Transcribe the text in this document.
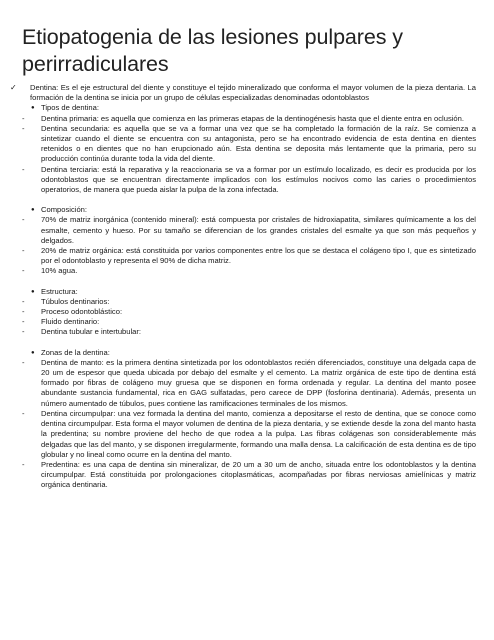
Etiopatogenia de las lesiones pulpares y perirradiculares
✓	Dentina: Es el eje estructural del diente y constituye el tejido mineralizado que conforma el mayor volumen de la pieza dentaria. La formación de la dentina se inicia por un grupo de células especializadas denominadas odontoblastos
● Tipos de dentina:
-	Dentina primaria: es aquella que comienza en las primeras etapas de la dentinogénesis hasta que el diente entra en oclusión.
-	Dentina secundaria: es aquella que se va a formar una vez que se ha completado la formación de la raíz. Se comienza a sintetizar cuando el diente se encuentra con su antagonista, pero se ha encontrado evidencia de esta dentina en dientes retenidos o en dientes que no han erupcionado aún. Esta dentina se deposita más lentamente que la primaria, pero su producción continúa durante toda la vida del diente.
-	Dentina terciaria: está la reparativa y la reaccionaria se va a formar por un estímulo localizado, es decir es producida por los odontoblastos que se encuentran directamente implicados con los estímulos nocivos como las caries o procedimientos operatorios, de manera que pueda aislar la pulpa de la zona infectada.
● Composición:
-	70% de matriz inorgánica (contenido mineral): está compuesta por cristales de hidroxiapatita, similares químicamente a los del esmalte, cemento y hueso. Por su tamaño se diferencian de los grandes cristales del esmalte ya que son más pequeños y delgados.
-	20% de matriz orgánica: está constituida por varios componentes entre los que se destaca el colágeno tipo I, que es sintetizado por el odontoblasto y representa el 90% de dicha matriz.
-	10% agua.
● Estructura:
-	Túbulos dentinarios:
-	Proceso odontoblástico:
-	Fluido dentinario:
-	Dentina tubular e intertubular:
● Zonas de la dentina:
-	Dentina de manto: es la primera dentina sintetizada por los odontoblastos recién diferenciados, constituye una delgada capa de 20 um de espesor que queda ubicada por debajo del esmalte y el cemento. La matriz orgánica de este tipo de dentina está formado por fibras de colágeno muy gruesa que se disponen en forma ordenada y regular. La dentina del manto posee abundante sustancia fundamental, rica en GAG sulfatadas, pero carece de DPP (fosforina dentinaria). Además, presenta un número aumentado de túbulos, pues contiene las ramificaciones terminales de los mismos.
-	Dentina circumpulpar: una vez formada la dentina del manto, comienza a depositarse el resto de dentina, que se conoce como dentina circumpulpar. Esta forma el mayor volumen de dentina de la pieza dentaria, y se extiende desde la zona del manto hasta la predentina; su nombre proviene del hecho de que rodea a la pulpa. Las fibras colágenas son considerablemente más delgadas que las del manto, y se disponen irregularmente, formando una malla densa. La calcificación de esta dentina es de tipo globular y no lineal como ocurre en la dentina del manto.
-	Predentina: es una capa de dentina sin mineralizar, de 20 um a 30 um de ancho, situada entre los odontoblastos y la dentina circumpulpar. Está constituida por prolongaciones citoplasmáticas, acompañadas por fibras nerviosas amielínicas y matriz orgánica dentinaria.
